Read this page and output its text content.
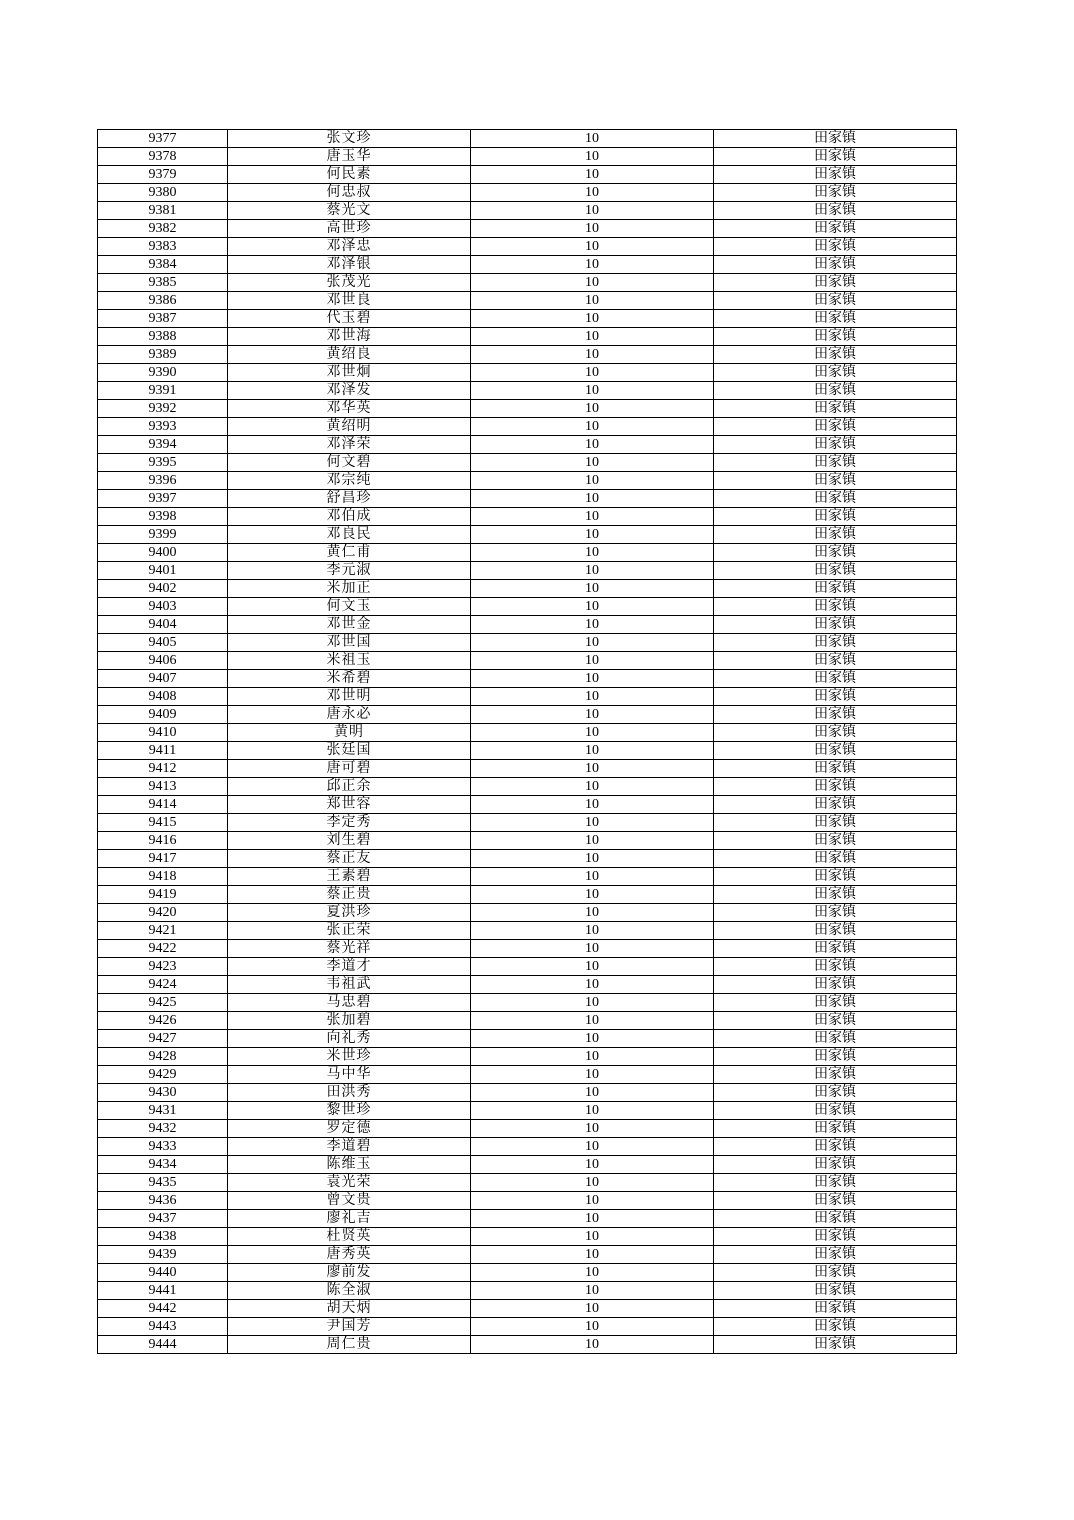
9377	张文珍	10	田家镇
9378	唐玉华	10	田家镇
9379	何民素	10	田家镇
9380	何忠叔	10	田家镇
9381	蔡光文	10	田家镇
9382	高世珍	10	田家镇
9383	邓泽忠	10	田家镇
9384	邓泽银	10	田家镇
9385	张茂光	10	田家镇
9386	邓世良	10	田家镇
9387	代玉碧	10	田家镇
9388	邓世海	10	田家镇
9389	黄绍良	10	田家镇
9390	邓世炯	10	田家镇
9391	邓泽发	10	田家镇
9392	邓华英	10	田家镇
9393	黄绍明	10	田家镇
9394	邓泽荣	10	田家镇
9395	何文碧	10	田家镇
9396	邓宗纯	10	田家镇
9397	舒昌珍	10	田家镇
9398	邓伯成	10	田家镇
9399	邓良民	10	田家镇
9400	黄仁甫	10	田家镇
9401	李元淑	10	田家镇
9402	米加正	10	田家镇
9403	何文玉	10	田家镇
9404	邓世金	10	田家镇
9405	邓世国	10	田家镇
9406	米祖玉	10	田家镇
9407	米希碧	10	田家镇
9408	邓世明	10	田家镇
9409	唐永必	10	田家镇
9410	黄明	10	田家镇
9411	张廷国	10	田家镇
9412	唐可碧	10	田家镇
9413	邱正余	10	田家镇
9414	郑世容	10	田家镇
9415	李定秀	10	田家镇
9416	刘生碧	10	田家镇
9417	蔡正友	10	田家镇
9418	王素碧	10	田家镇
9419	蔡正贵	10	田家镇
9420	夏洪珍	10	田家镇
9421	张正荣	10	田家镇
9422	蔡光祥	10	田家镇
9423	李道才	10	田家镇
9424	韦祖武	10	田家镇
9425	马忠碧	10	田家镇
9426	张加碧	10	田家镇
9427	向礼秀	10	田家镇
9428	米世珍	10	田家镇
9429	马中华	10	田家镇
9430	田洪秀	10	田家镇
9431	黎世珍	10	田家镇
9432	罗定德	10	田家镇
9433	李道碧	10	田家镇
9434	陈维玉	10	田家镇
9435	袁光荣	10	田家镇
9436	曾文贵	10	田家镇
9437	廖礼吉	10	田家镇
9438	杜贤英	10	田家镇
9439	唐秀英	10	田家镇
9440	廖前发	10	田家镇
9441	陈全淑	10	田家镇
9442	胡天炳	10	田家镇
9443	尹国芳	10	田家镇
9444	周仁贵	10	田家镇
